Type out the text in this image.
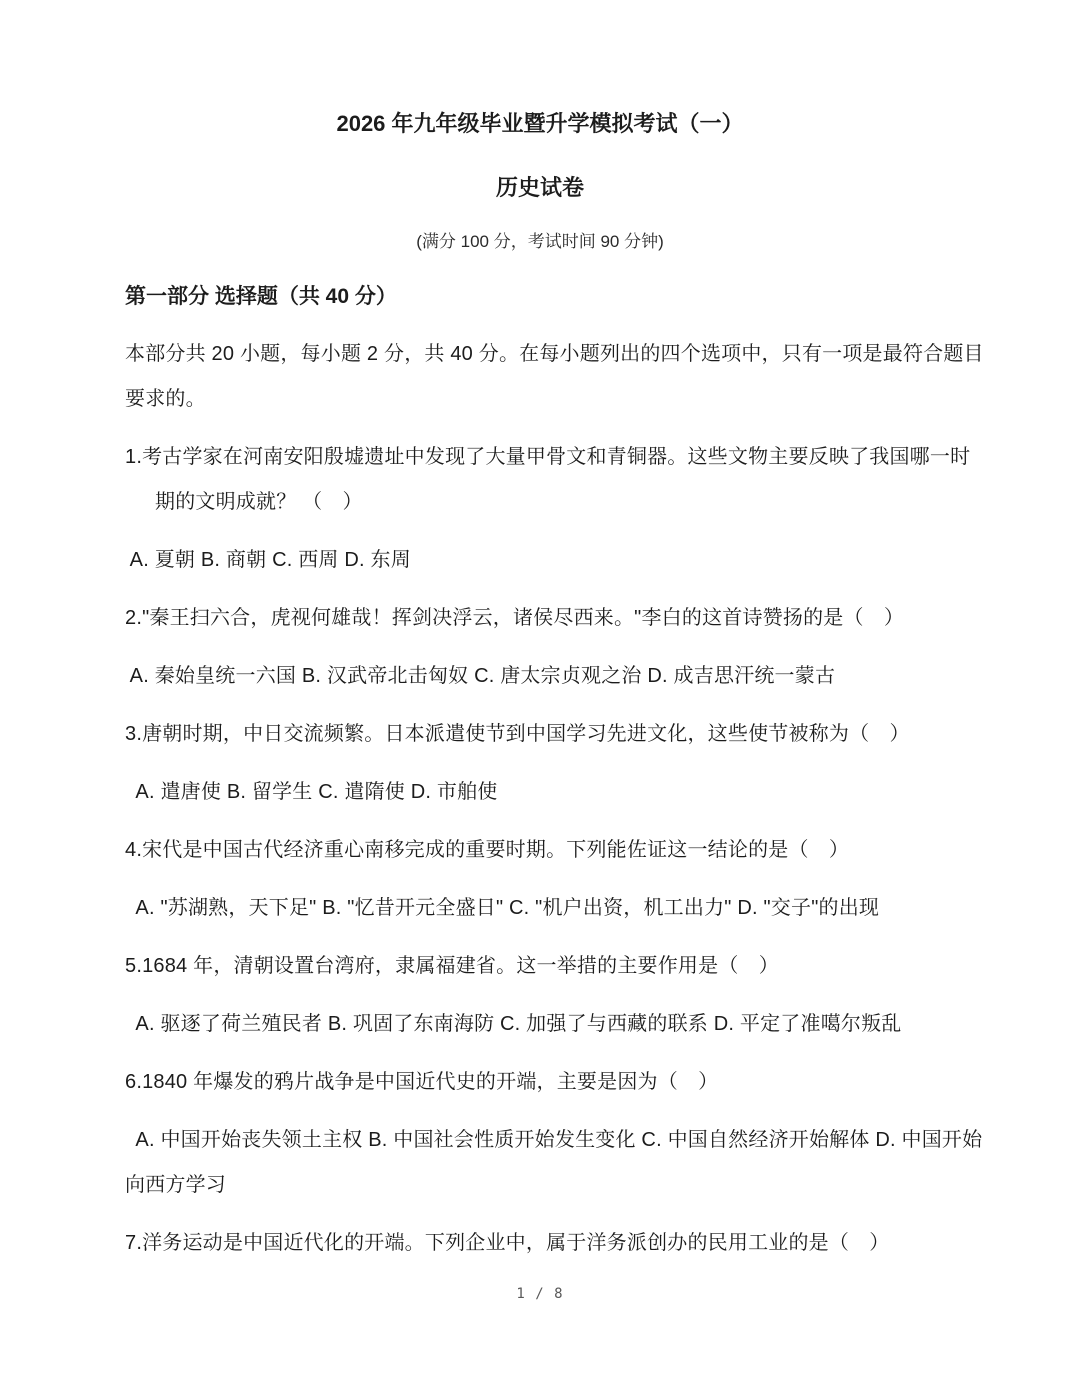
2026 年九年级毕业暨升学模拟考试（一）
历史试卷
(满分 100 分，考试时间 90 分钟)
第一部分 选择题（共 40 分）
本部分共 20 小题，每小题 2 分，共 40 分。在每小题列出的四个选项中，只有一项是最符合题目
要求的。
1.考古学家在河南安阳殷墟遗址中发现了大量甲骨文和青铜器。这些文物主要反映了我国哪一时
期的文明成就？ （　）
A. 夏朝 B. 商朝 C. 西周 D. 东周
2."秦王扫六合，虎视何雄哉！挥剑决浮云，诸侯尽西来。"李白的这首诗赞扬的是（　）
A. 秦始皇统一六国 B. 汉武帝北击匈奴 C. 唐太宗贞观之治 D. 成吉思汗统一蒙古
3.唐朝时期，中日交流频繁。日本派遣使节到中国学习先进文化，这些使节被称为（　）
A. 遣唐使 B. 留学生 C. 遣隋使 D. 市舶使
4.宋代是中国古代经济重心南移完成的重要时期。下列能佐证这一结论的是（　）
A. "苏湖熟，天下足" B. "忆昔开元全盛日" C. "机户出资，机工出力" D. "交子"的出现
5.1684 年，清朝设置台湾府，隶属福建省。这一举措的主要作用是（　）
A. 驱逐了荷兰殖民者 B. 巩固了东南海防 C. 加强了与西藏的联系 D. 平定了准噶尔叛乱
6.1840 年爆发的鸦片战争是中国近代史的开端，主要是因为（　）
A. 中国开始丧失领土主权 B. 中国社会性质开始发生变化 C. 中国自然经济开始解体 D. 中国开始
向西方学习
7.洋务运动是中国近代化的开端。下列企业中，属于洋务派创办的民用工业的是（　）
1 / 8
